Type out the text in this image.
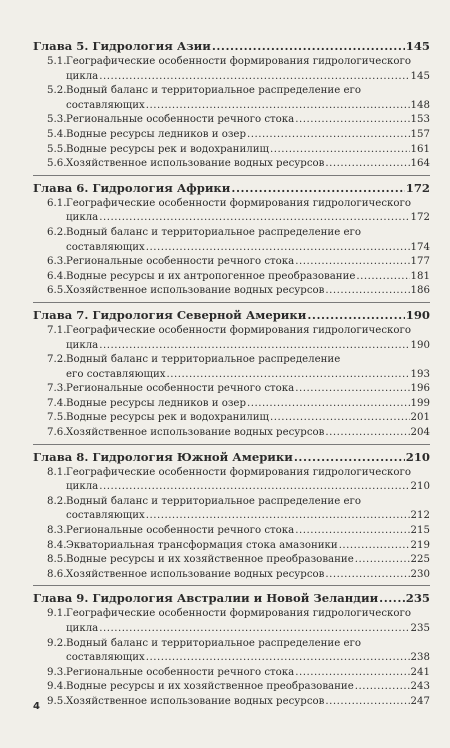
Глава 5. Гидрология Азии .....	145
5.1. Географические особенности формирования гидрологического
цикла .....	145
5.2. Водный баланс и территориальное распределение его
составляющих .....	148
5.3. Региональные особенности речного стока .....	153
5.4. Водные ресурсы ледников и озер .....	157
5.5. Водные ресурсы рек и водохранилищ .....	161
5.6. Хозяйственное использование водных ресурсов .....	164
Глава 6. Гидрология Африки .....	172
6.1. Географические особенности формирования гидрологического
цикла .....	172
6.2. Водный баланс и территориальное распределение его
составляющих .....	174
6.3. Региональные особенности речного стока .....	177
6.4. Водные ресурсы и их антропогенное преобразование .....	181
6.5. Хозяйственное использование водных ресурсов .....	186
Глава 7. Гидрология Северной Америки .....	190
7.1. Географические особенности формирования гидрологического
цикла .....	190
7.2. Водный баланс и территориальное распределение
его составляющих .....	193
7.3. Региональные особенности речного стока .....	196
7.4. Водные ресурсы ледников и озер .....	199
7.5. Водные ресурсы рек и водохранилищ .....	201
7.6. Хозяйственное использование водных ресурсов .....	204
Глава 8. Гидрология Южной Америки .....	210
8.1. Географические особенности формирования гидрологического
цикла .....	210
8.2. Водный баланс и территориальное распределение его
составляющих .....	212
8.3. Региональные особенности речного стока .....	215
8.4. Экваториальная трансформация стока амазоники .....	219
8.5. Водные ресурсы и их хозяйственное преобразование .....	225
8.6. Хозяйственное использование водных ресурсов .....	230
Глава 9. Гидрология Австралии и Новой Зеландии ..... 235
9.1. Географические особенности формирования гидрологического
цикла .....	235
9.2. Водный баланс и территориальное распределение его
составляющих .....	238
9.3. Региональные особенности речного стока .....	241
9.4. Водные ресурсы и их хозяйственное преобразование .....	243
9.5. Хозяйственное использование водных ресурсов .....	247
4
